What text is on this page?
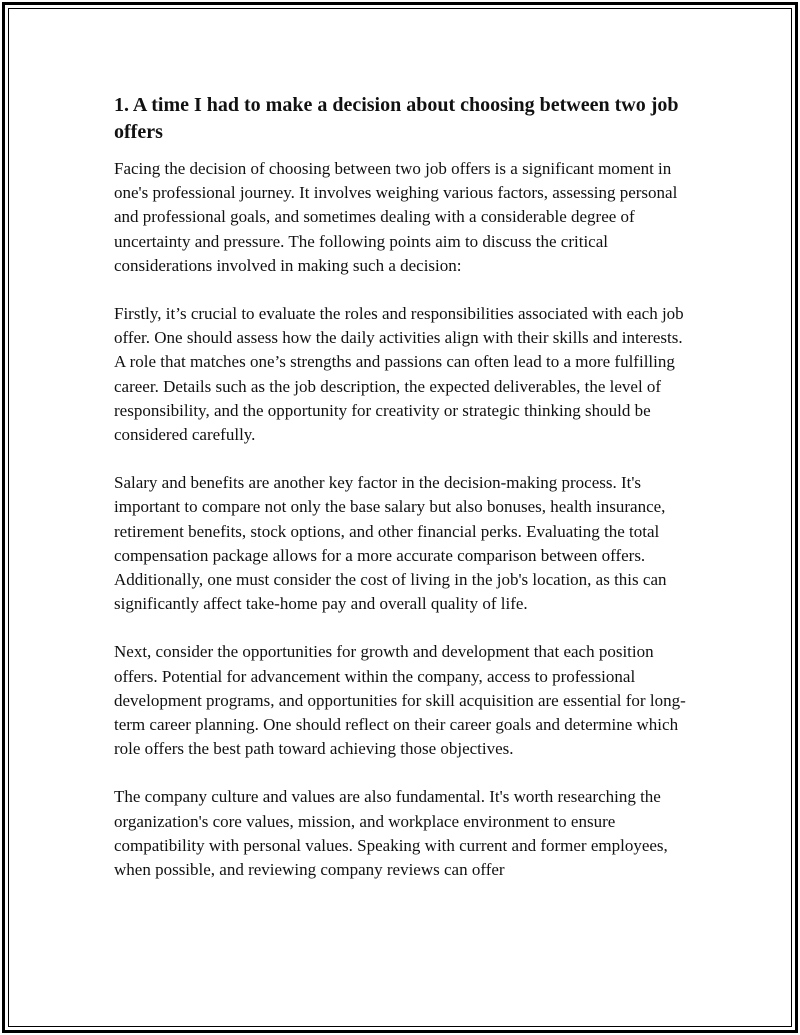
1. A time I had to make a decision about choosing between two job offers

Facing the decision of choosing between two job offers is a significant moment in one's professional journey. It involves weighing various factors, assessing personal and professional goals, and sometimes dealing with a considerable degree of uncertainty and pressure. The following points aim to discuss the critical considerations involved in making such a decision:

Firstly, it’s crucial to evaluate the roles and responsibilities associated with each job offer. One should assess how the daily activities align with their skills and interests. A role that matches one’s strengths and passions can often lead to a more fulfilling career. Details such as the job description, the expected deliverables, the level of responsibility, and the opportunity for creativity or strategic thinking should be considered carefully.

Salary and benefits are another key factor in the decision-making process. It's important to compare not only the base salary but also bonuses, health insurance, retirement benefits, stock options, and other financial perks. Evaluating the total compensation package allows for a more accurate comparison between offers. Additionally, one must consider the cost of living in the job's location, as this can significantly affect take-home pay and overall quality of life.

Next, consider the opportunities for growth and development that each position offers. Potential for advancement within the company, access to professional development programs, and opportunities for skill acquisition are essential for long-term career planning. One should reflect on their career goals and determine which role offers the best path toward achieving those objectives.

The company culture and values are also fundamental. It's worth researching the organization's core values, mission, and workplace environment to ensure compatibility with personal values. Speaking with current and former employees, when possible, and reviewing company reviews can offer
